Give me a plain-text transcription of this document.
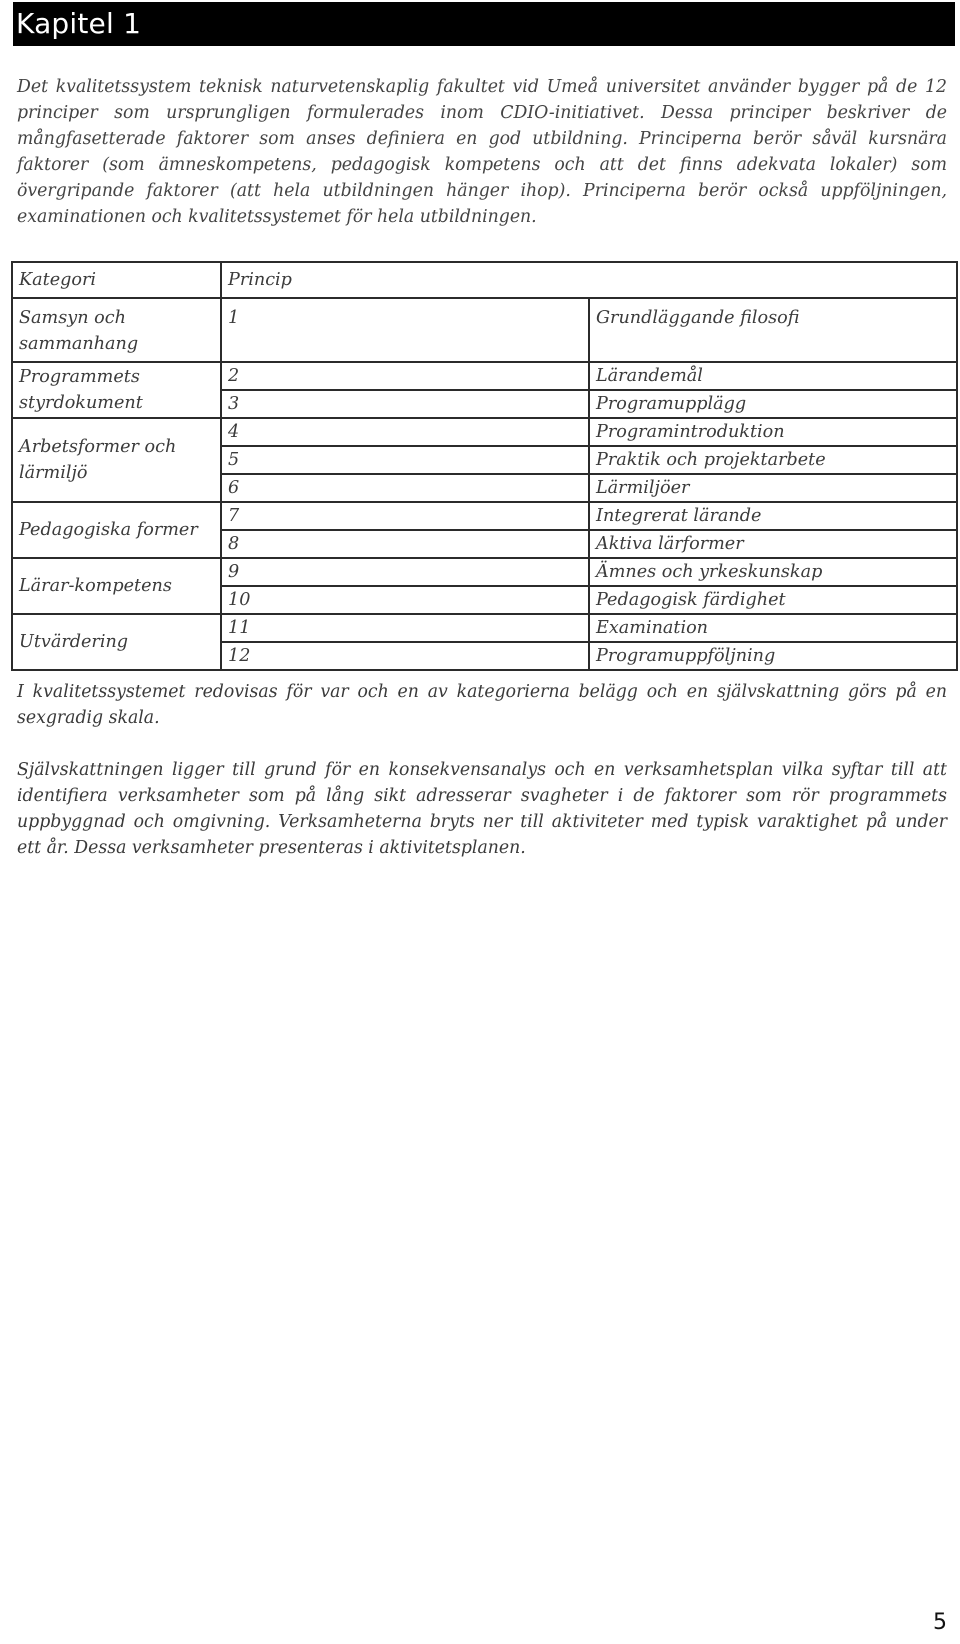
Kapitel 1

Det kvalitetssystem teknisk naturvetenskaplig fakultet vid Umeå universitet använder bygger på de 12 principer som ursprungligen formulerades inom CDIO-initiativet. Dessa principer beskriver de mångfasetterade faktorer som anses definiera en god utbildning. Principerna berör såväl kursnära faktorer (som ämneskompetens, pedagogisk kompetens och att det finns adekvata lokaler) som övergripande faktorer (att hela utbildningen hänger ihop). Principerna berör också uppföljningen, examinationen och kvalitetssystemet för hela utbildningen.

Kategori	Princip	
Samsyn och sammanhang	1	Grundläggande filosofi
Programmets styrdokument	2	Lärandemål
	3	Programupplägg
Arbetsformer och lärmiljö	4	Programintroduktion
	5	Praktik och projektarbete
	6	Lärmiljöer
Pedagogiska former	7	Integrerat lärande
	8	Aktiva lärformer
Lärar-kompetens	9	Ämnes och yrkeskunskap
	10	Pedagogisk färdighet
Utvärdering	11	Examination
	12	Programuppföljning

I kvalitetssystemet redovisas för var och en av kategorierna belägg och en självskattning görs på en sexgradig skala.

Självskattningen ligger till grund för en konsekvensanalys och en verksamhetsplan vilka syftar till att identifiera verksamheter som på lång sikt adresserar svagheter i de faktorer som rör programmets uppbyggnad och omgivning. Verksamheterna bryts ner till aktiviteter med typisk varaktighet på under ett år. Dessa verksamheter presenteras i aktivitetsplanen.

5
